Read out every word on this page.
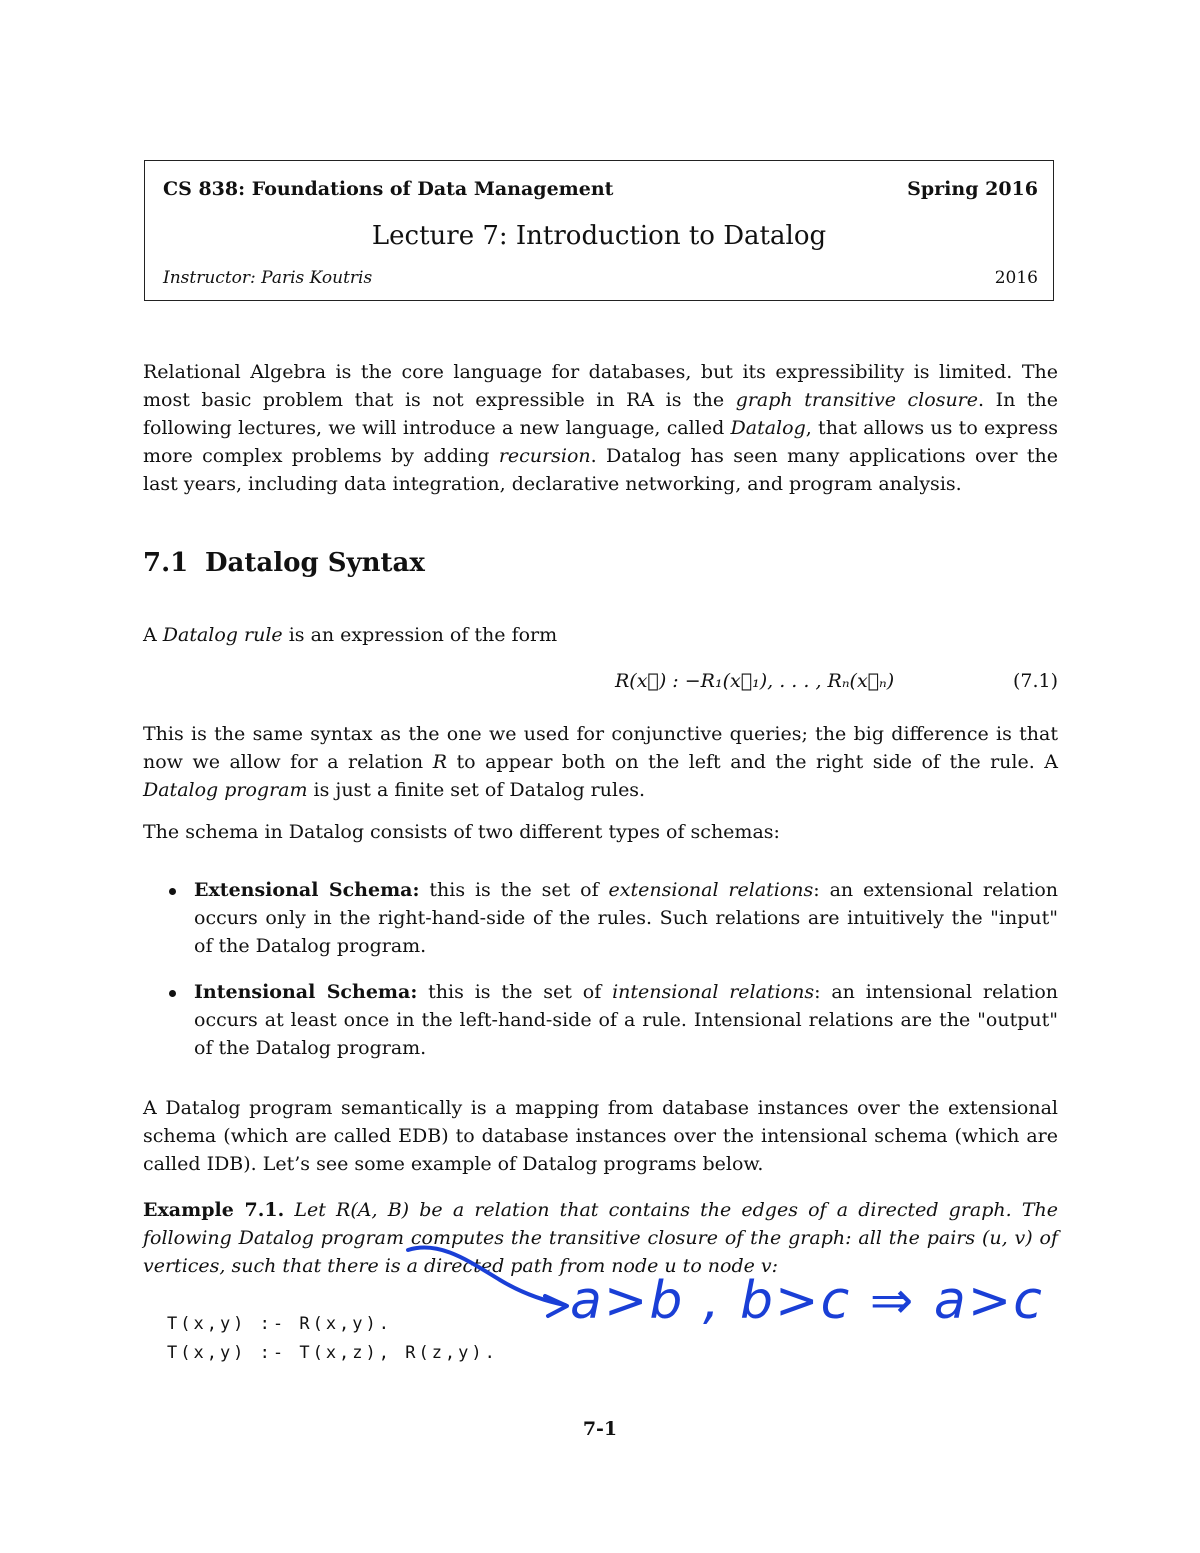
CS 838: Foundations of Data Management	Spring 2016
Lecture 7: Introduction to Datalog
Instructor: Paris Koutris	2016

Relational Algebra is the core language for databases, but its expressibility is limited. The most basic problem that is not expressible in RA is the graph transitive closure. In the following lectures, we will introduce a new language, called Datalog, that allows us to express more complex problems by adding recursion. Datalog has seen many applications over the last years, including data integration, declarative networking, and program analysis.

7.1 Datalog Syntax

A Datalog rule is an expression of the form

R(x⃗) : −R₁(x⃗₁), . . . , Rₙ(x⃗ₙ)	(7.1)

This is the same syntax as the one we used for conjunctive queries; the big difference is that now we allow for a relation R to appear both on the left and the right side of the rule. A Datalog program is just a finite set of Datalog rules.

The schema in Datalog consists of two different types of schemas:

Extensional Schema: this is the set of extensional relations: an extensional relation occurs only in the right-hand-side of the rules. Such relations are intuitively the "input" of the Datalog program.
Intensional Schema: this is the set of intensional relations: an intensional relation occurs at least once in the left-hand-side of a rule. Intensional relations are the "output" of the Datalog program.

A Datalog program semantically is a mapping from database instances over the extensional schema (which are called EDB) to database instances over the intensional schema (which are called IDB). Let’s see some example of Datalog programs below.

Example 7.1. Let R(A, B) be a relation that contains the edges of a directed graph. The following Datalog program computes the transitive closure of the graph: all the pairs (u, v) of vertices, such that there is a directed path from node u to node v:

T(x,y) :- R(x,y).
T(x,y) :- T(x,z), R(z,y).
7-1
a>b , b>c ⇒ a>c
